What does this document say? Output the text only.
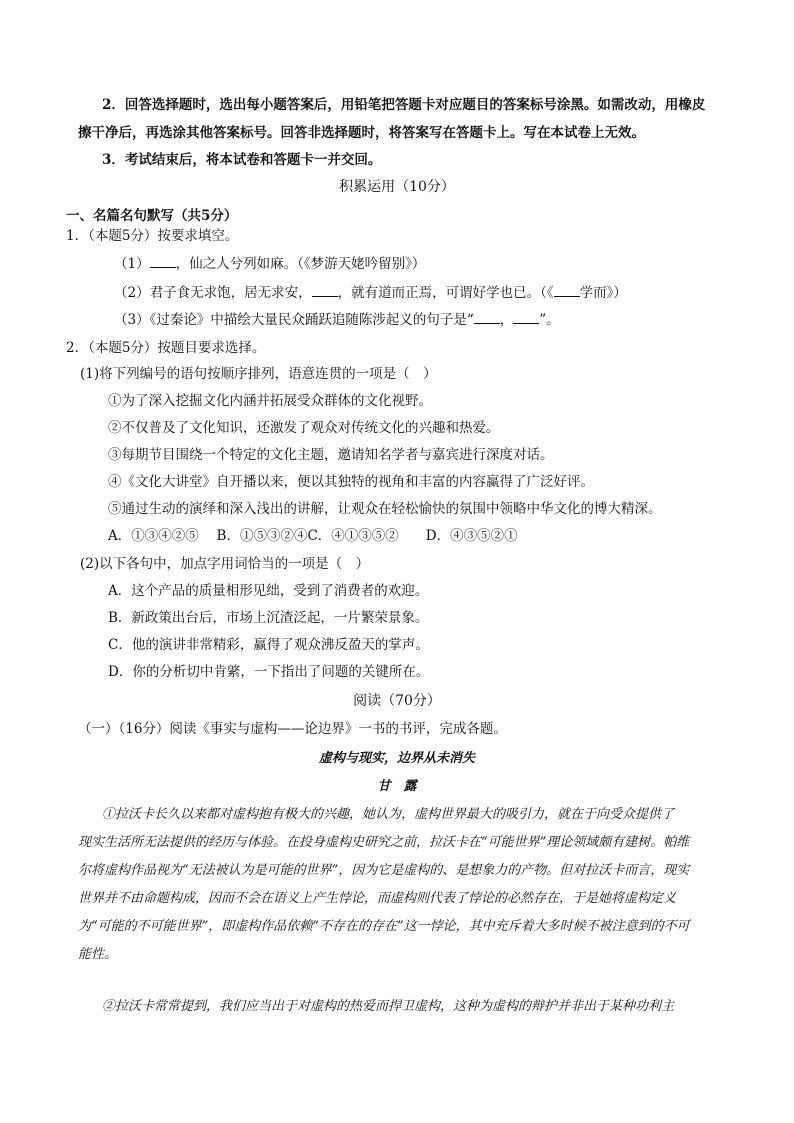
2．回答选择题时，选出每小题答案后，用铅笔把答题卡对应题目的答案标号涂黑。如需改动，用橡皮
擦干净后，再选涂其他答案标号。回答非选择题时，将答案写在答题卡上。写在本试卷上无效。
3．考试结束后，将本试卷和答题卡一并交回。
积累运用（10分）
一、名篇名句默写（共5分）
1．（本题5分）按要求填空。
（1） ，仙之人兮列如麻。（《梦游天姥吟留别》）
（2）君子食无求饱，居无求安， ，就有道而正焉，可谓好学也已。（《 学而》）
（3）《过秦论》中描绘大量民众踊跃追随陈涉起义的句子是“ ， ”。
2．（本题5分）按题目要求选择。
(1)将下列编号的语句按顺序排列，语意连贯的一项是（　）
①为了深入挖掘文化内涵并拓展受众群体的文化视野。
②不仅普及了文化知识，还激发了观众对传统文化的兴趣和热爱。
③每期节目围绕一个特定的文化主题，邀请知名学者与嘉宾进行深度对话。
④《文化大讲堂》自开播以来，便以其独特的视角和丰富的内容赢得了广泛好评。
⑤通过生动的演绎和深入浅出的讲解，让观众在轻松愉快的氛围中领略中华文化的博大精深。
A．①③④②⑤　 B．①⑤③②④C．④①③⑤②　　D．④③⑤②①
(2)以下各句中，加点字用词恰当的一项是（　）
A．这个产品的质量相形见绌，受到了消费者的欢迎。
B．新政策出台后，市场上沉渣泛起，一片繁荣景象。
C．他的演讲非常精彩，赢得了观众沸反盈天的掌声。
D．你的分析切中肯綮，一下指出了问题的关键所在。
阅读（70分）
（一）（16分）阅读《事实与虚构——论边界》一书的书评，完成各题。
虚构与现实，边界从未消失
甘　露
①拉沃卡长久以来都对虚构抱有极大的兴趣，她认为，虚构世界最大的吸引力，就在于向受众提供了
现实生活所无法提供的经历与体验。在投身虚构史研究之前，拉沃卡在“可能世界”理论领域颇有建树。帕维
尔将虚构作品视为“无法被认为是可能的世界”，因为它是虚构的、是想象力的产物。但对拉沃卡而言，现实
世界并不由命题构成，因而不会在语义上产生悖论，而虚构则代表了悖论的必然存在，于是她将虚构定义
为“可能的不可能世界”，即虚构作品依赖“不存在的存在”这一悖论，其中充斥着大多时候不被注意到的不可
能性。
②拉沃卡常常提到，我们应当出于对虚构的热爱而捍卫虚构，这种为虚构的辩护并非出于某种功利主
